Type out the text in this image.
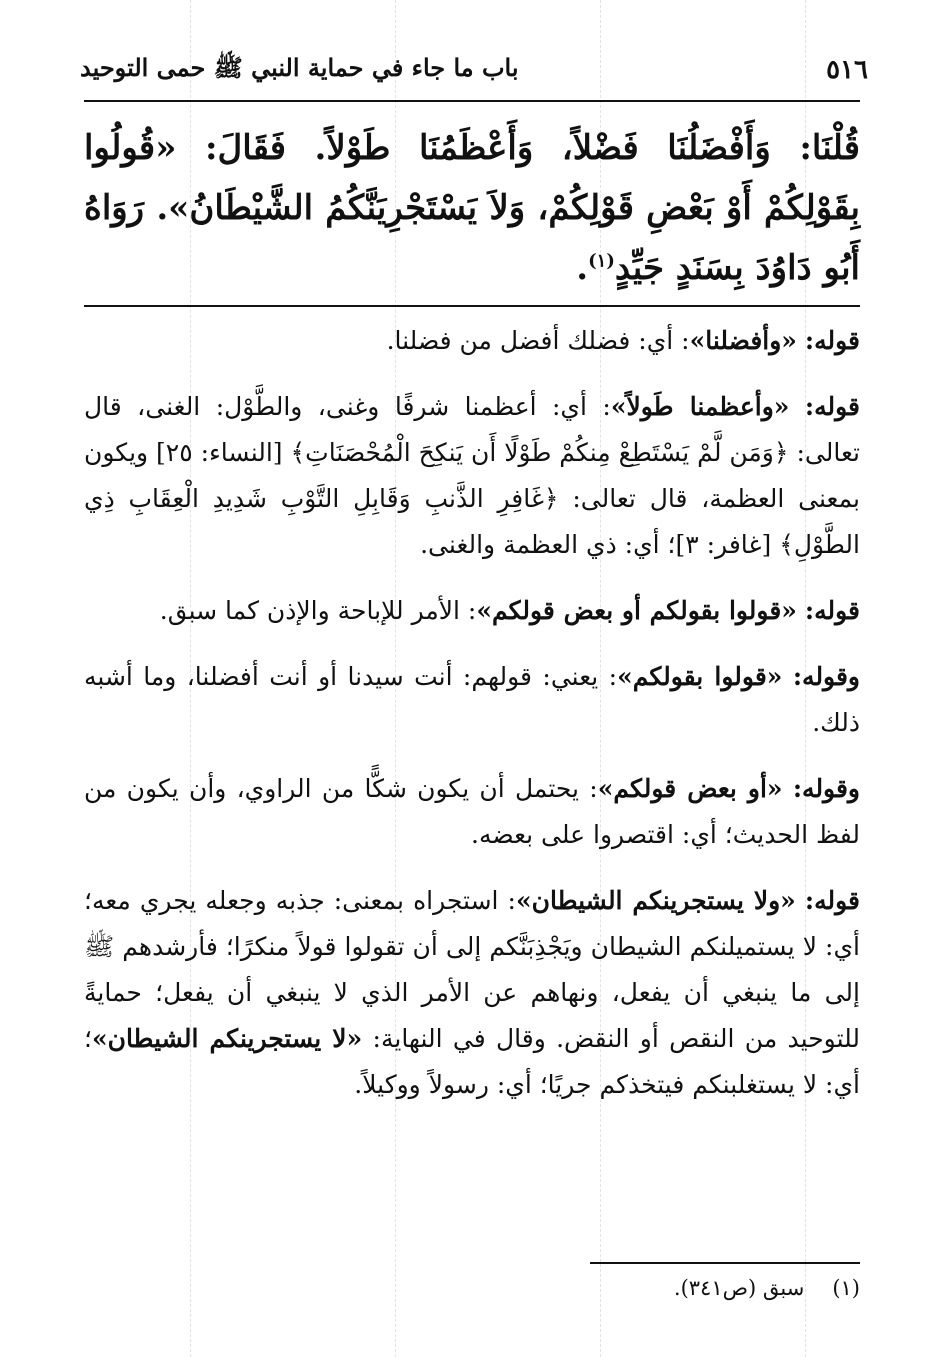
٥١٦
باب ما جاء في حماية النبي ﷺ حمى التوحيد
قُلْنَا: وَأَفْضَلُنَا فَضْلاً، وَأَعْظَمُنَا طَوْلاً. فَقَالَ: «قُولُوا بِقَوْلِكُمْ أَوْ بَعْضِ قَوْلِكُمْ، وَلاَ يَسْتَجْرِيَنَّكُمُ الشَّيْطَانُ». رَوَاهُ أَبُو دَاوُدَ بِسَنَدٍ جَيِّدٍ$^{(١)}$.

قوله: «وأفضلنا»: أي: فضلك أفضل من فضلنا.

قوله: «وأعظمنا طَولاً»: أي: أعظمنا شرفًا وغنى، والطَّوْل: الغنى، قال تعالى: ﴿وَمَن لَّمْ يَسْتَطِعْ مِنكُمْ طَوْلًا أَن يَنكِحَ الْمُحْصَنَاتِ﴾ [النساء: ٢٥] ويكون بمعنى العظمة، قال تعالى: ﴿غَافِرِ الذَّنبِ وَقَابِلِ التَّوْبِ شَدِيدِ الْعِقَابِ ذِي الطَّوْلِ﴾ [غافر: ٣]؛ أي: ذي العظمة والغنى.

قوله: «قولوا بقولكم أو بعض قولكم»: الأمر للإباحة والإذن كما سبق.

وقوله: «قولوا بقولكم»: يعني: قولهم: أنت سيدنا أو أنت أفضلنا، وما أشبه ذلك.

وقوله: «أو بعض قولكم»: يحتمل أن يكون شكًّا من الراوي، وأن يكون من لفظ الحديث؛ أي: اقتصروا على بعضه.

قوله: «ولا يستجرينكم الشيطان»: استجراه بمعنى: جذبه وجعله يجري معه؛ أي: لا يستميلنكم الشيطان ويَجْذِبَنَّكم إلى أن تقولوا قولاً منكرًا؛ فأرشدهم ﷺ إلى ما ينبغي أن يفعل، ونهاهم عن الأمر الذي لا ينبغي أن يفعل؛ حمايةً للتوحيد من النقص أو النقض. وقال في النهاية: «لا يستجرينكم الشيطان»؛ أي: لا يستغلبنكم فيتخذكم جريًا؛ أي: رسولاً ووكيلاً.

(١)
سبق (ص٣٤١).
